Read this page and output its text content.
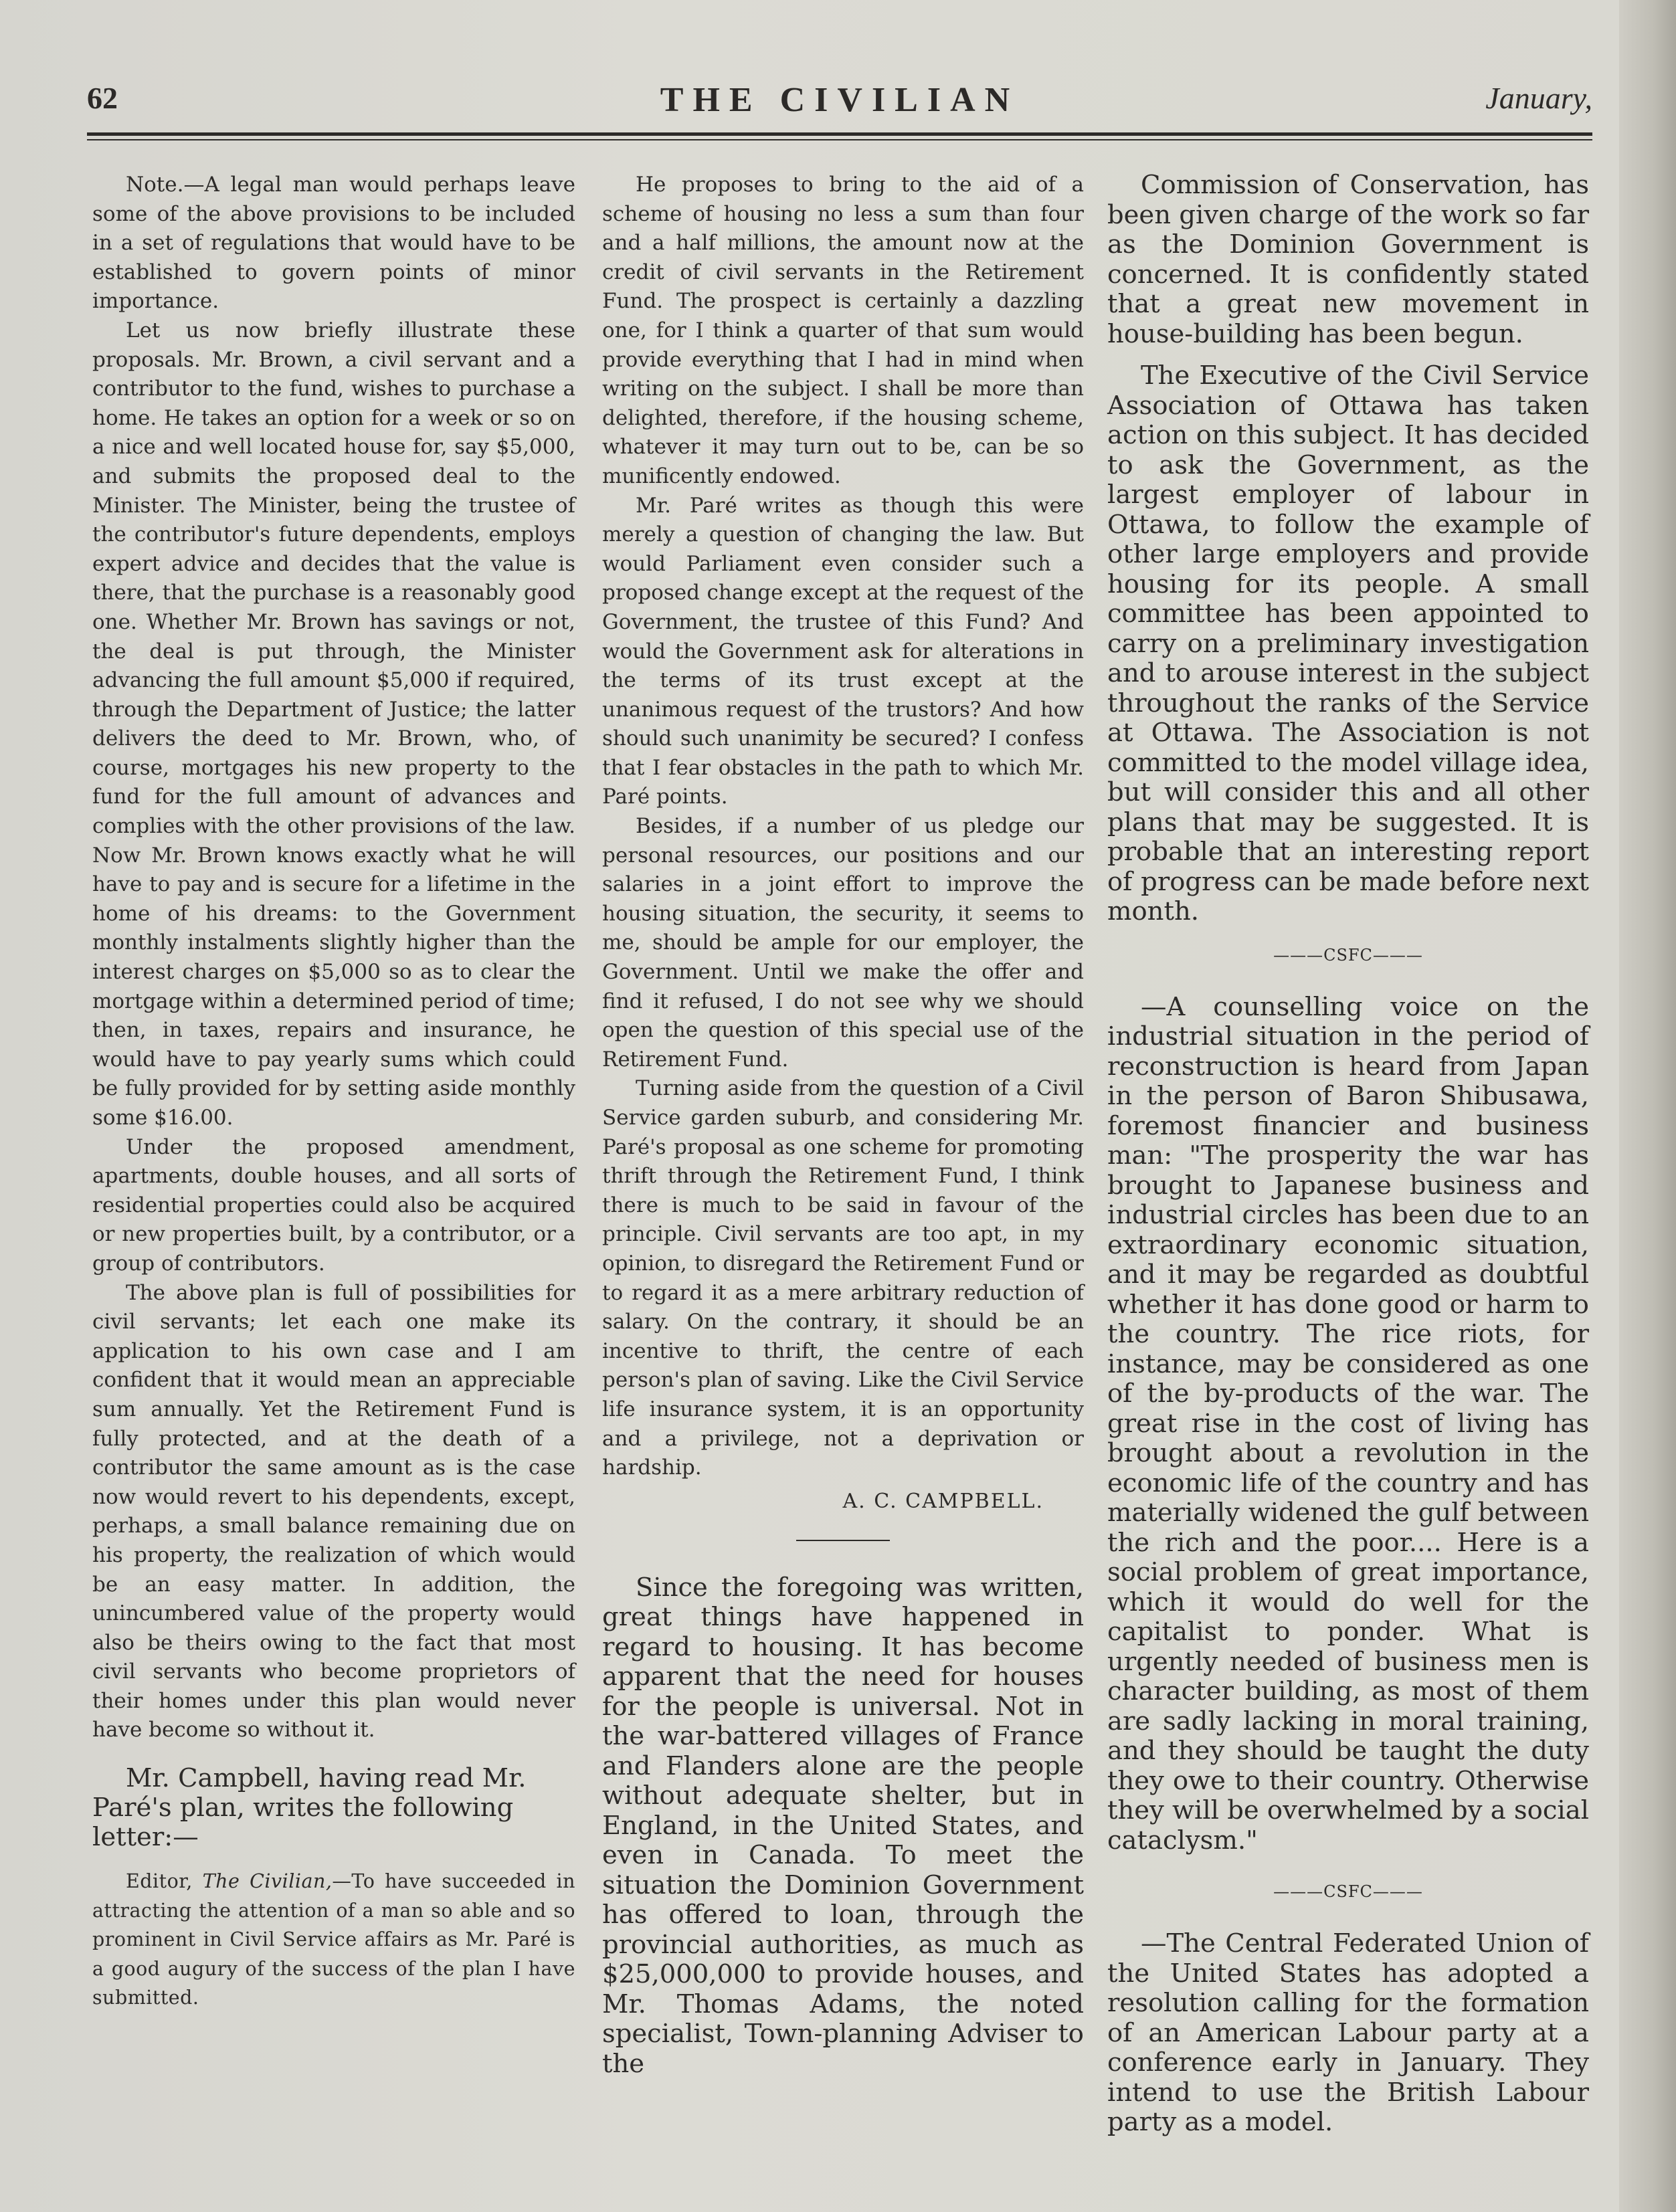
62	THE CIVILIAN	January,

Note.—A legal man would perhaps leave some of the above provisions to be included in a set of regulations that would have to be established to govern points of minor importance.

Let us now briefly illustrate these proposals. Mr. Brown, a civil servant and a contributor to the fund, wishes to purchase a home. He takes an option for a week or so on a nice and well located house for, say $5,000, and submits the proposed deal to the Minister. The Minister, being the trustee of the contributor's future dependents, employs expert advice and decides that the value is there, that the purchase is a reasonably good one. Whether Mr. Brown has savings or not, the deal is put through, the Minister advancing the full amount $5,000 if required, through the Department of Justice; the latter delivers the deed to Mr. Brown, who, of course, mortgages his new property to the fund for the full amount of advances and complies with the other provisions of the law. Now Mr. Brown knows exactly what he will have to pay and is secure for a lifetime in the home of his dreams: to the Government monthly instalments slightly higher than the interest charges on $5,000 so as to clear the mortgage within a determined period of time; then, in taxes, repairs and insurance, he would have to pay yearly sums which could be fully provided for by setting aside monthly some $16.00.

Under the proposed amendment, apartments, double houses, and all sorts of residential properties could also be acquired or new properties built, by a contributor, or a group of contributors.

The above plan is full of possibilities for civil servants; let each one make its application to his own case and I am confident that it would mean an appreciable sum annually. Yet the Retirement Fund is fully protected, and at the death of a contributor the same amount as is the case now would revert to his dependents, except, perhaps, a small balance remaining due on his property, the realization of which would be an easy matter. In addition, the unincumbered value of the property would also be theirs owing to the fact that most civil servants who become proprietors of their homes under this plan would never have become so without it.

Mr. Campbell, having read Mr. Paré's plan, writes the following letter:—

Editor, The Civilian,—To have succeeded in attracting the attention of a man so able and so prominent in Civil Service affairs as Mr. Paré is a good augury of the success of the plan I have submitted.

He proposes to bring to the aid of a scheme of housing no less a sum than four and a half millions, the amount now at the credit of civil servants in the Retirement Fund. The prospect is certainly a dazzling one, for I think a quarter of that sum would provide everything that I had in mind when writing on the subject. I shall be more than delighted, therefore, if the housing scheme, whatever it may turn out to be, can be so munificently endowed.

Mr. Paré writes as though this were merely a question of changing the law. But would Parliament even consider such a proposed change except at the request of the Government, the trustee of this Fund? And would the Government ask for alterations in the terms of its trust except at the unanimous request of the trustors? And how should such unanimity be secured? I confess that I fear obstacles in the path to which Mr. Paré points.

Besides, if a number of us pledge our personal resources, our positions and our salaries in a joint effort to improve the housing situation, the security, it seems to me, should be ample for our employer, the Government. Until we make the offer and find it refused, I do not see why we should open the question of this special use of the Retirement Fund.

Turning aside from the question of a Civil Service garden suburb, and considering Mr. Paré's proposal as one scheme for promoting thrift through the Retirement Fund, I think there is much to be said in favour of the principle. Civil servants are too apt, in my opinion, to disregard the Retirement Fund or to regard it as a mere arbitrary reduction of salary. On the contrary, it should be an incentive to thrift, the centre of each person's plan of saving. Like the Civil Service life insurance system, it is an opportunity and a privilege, not a deprivation or hardship.

A. C. CAMPBELL.

Since the foregoing was written, great things have happened in regard to housing. It has become apparent that the need for houses for the people is universal. Not in the war-battered villages of France and Flanders alone are the people without adequate shelter, but in England, in the United States, and even in Canada. To meet the situation the Dominion Government has offered to loan, through the provincial authorities, as much as $25,000,000 to provide houses, and Mr. Thomas Adams, the noted specialist, Town-planning Adviser to the

Commission of Conservation, has been given charge of the work so far as the Dominion Government is concerned. It is confidently stated that a great new movement in house-building has been begun.

The Executive of the Civil Service Association of Ottawa has taken action on this subject. It has decided to ask the Government, as the largest employer of labour in Ottawa, to follow the example of other large employers and provide housing for its people. A small committee has been appointed to carry on a preliminary investigation and to arouse interest in the subject throughout the ranks of the Service at Ottawa. The Association is not committed to the model village idea, but will consider this and all other plans that may be suggested. It is probable that an interesting report of progress can be made before next month.

———CSFC———

—A counselling voice on the industrial situation in the period of reconstruction is heard from Japan in the person of Baron Shibusawa, foremost financier and business man: "The prosperity the war has brought to Japanese business and industrial circles has been due to an extraordinary economic situation, and it may be regarded as doubtful whether it has done good or harm to the country. The rice riots, for instance, may be considered as one of the by-products of the war. The great rise in the cost of living has brought about a revolution in the economic life of the country and has materially widened the gulf between the rich and the poor.... Here is a social problem of great importance, which it would do well for the capitalist to ponder. What is urgently needed of business men is character building, as most of them are sadly lacking in moral training, and they should be taught the duty they owe to their country. Otherwise they will be overwhelmed by a social cataclysm."

———CSFC———

—The Central Federated Union of the United States has adopted a resolution calling for the formation of an American Labour party at a conference early in January. They intend to use the British Labour party as a model.
